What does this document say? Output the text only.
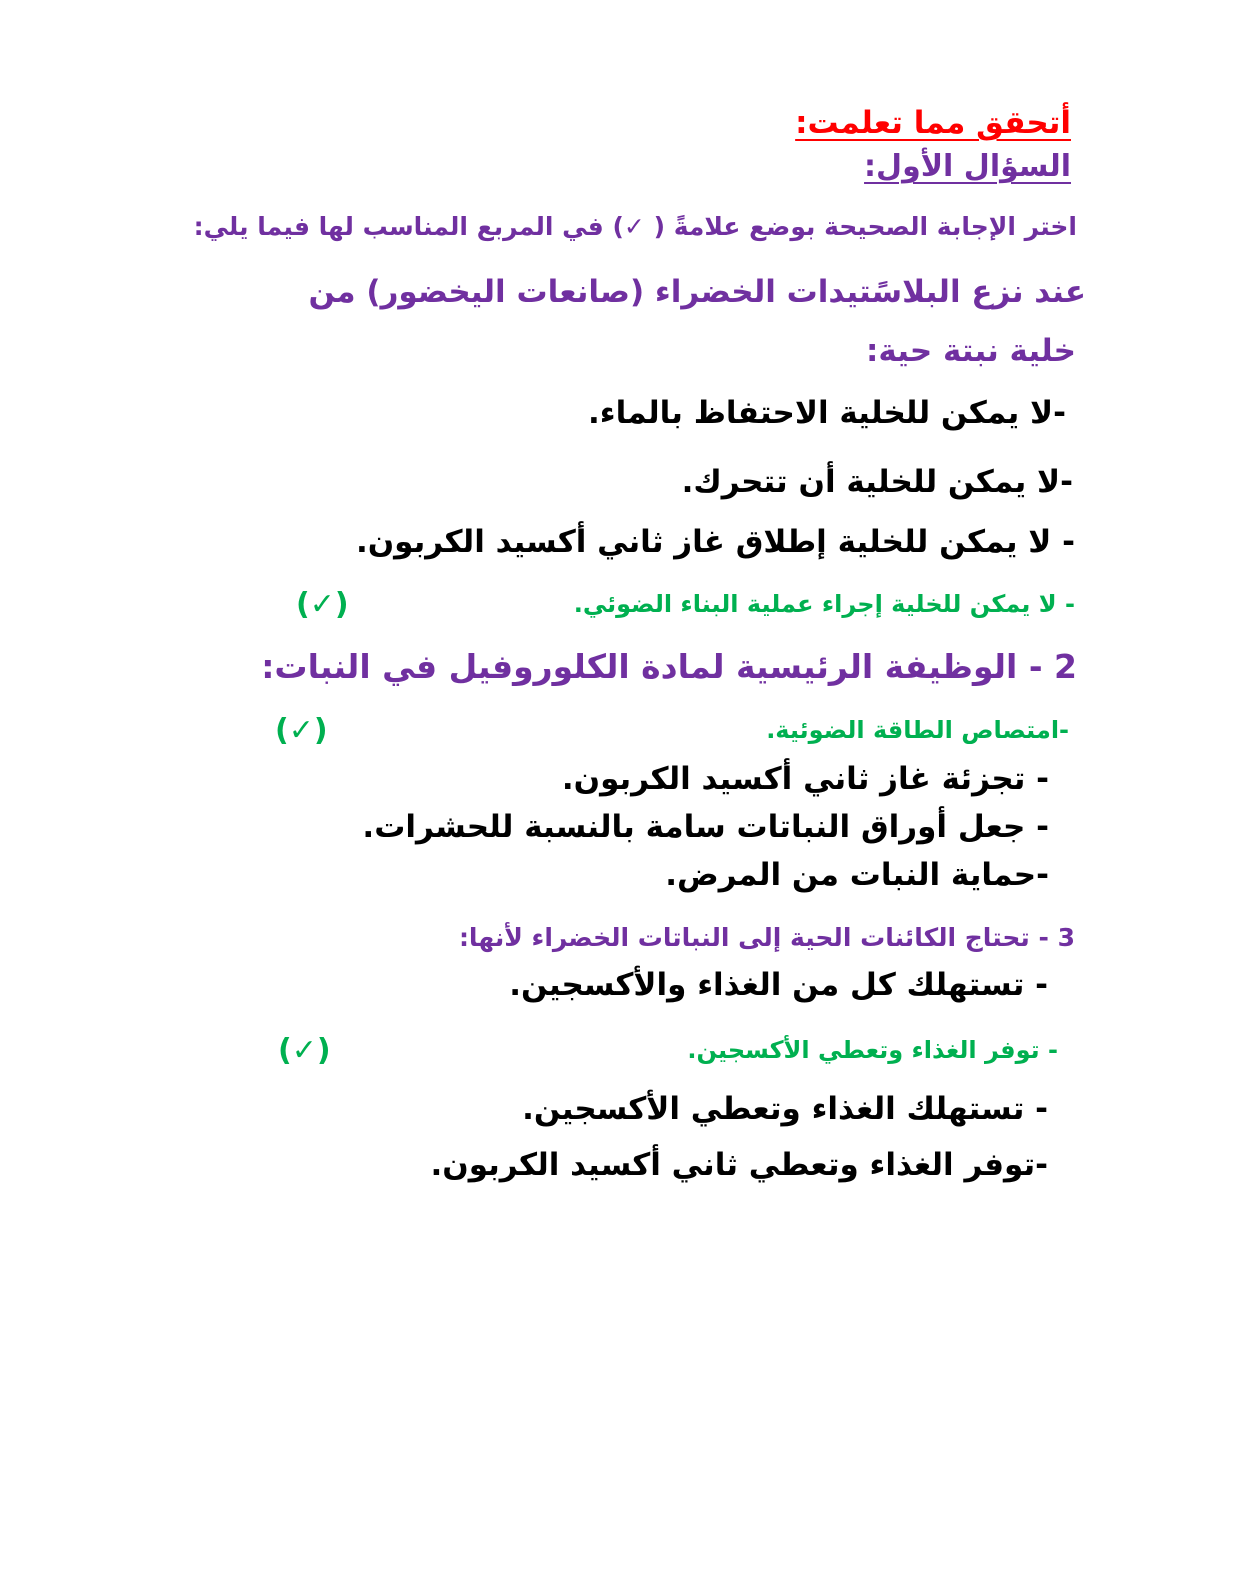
أتحقق مما تعلمت:
السؤال الأول:
اختر الإجابة الصحيحة بوضع علامةً ( ✓) في المربع المناسب لها فيما يلي:
عند نزع البلاسًتيدات الخضراء (صانعات اليخضور) من
خلية نبتة حية:
-لا يمكن للخلية الاحتفاظ بالماء.
-لا يمكن للخلية أن تتحرك.
- لا يمكن للخلية إطلاق غاز ثاني أكسيد الكربون.
- لا يمكن للخلية إجراء عملية البناء الضوئي.
(✓)
2 - الوظيفة الرئيسية لمادة الكلوروفيل في النبات:
-امتصاص الطاقة الضوئية.
(✓)
- تجزئة غاز ثاني أكسيد الكربون.
- جعل أوراق النباتات سامة بالنسبة للحشرات.
-حماية النبات من المرض.
3 - تحتاج الكائنات الحية إلى النباتات الخضراء لأنها:
- تستهلك كل من الغذاء والأكسجين.
- توفر الغذاء وتعطي الأكسجين.
(✓)
- تستهلك الغذاء وتعطي الأكسجين.
-توفر الغذاء وتعطي ثاني أكسيد الكربون.
